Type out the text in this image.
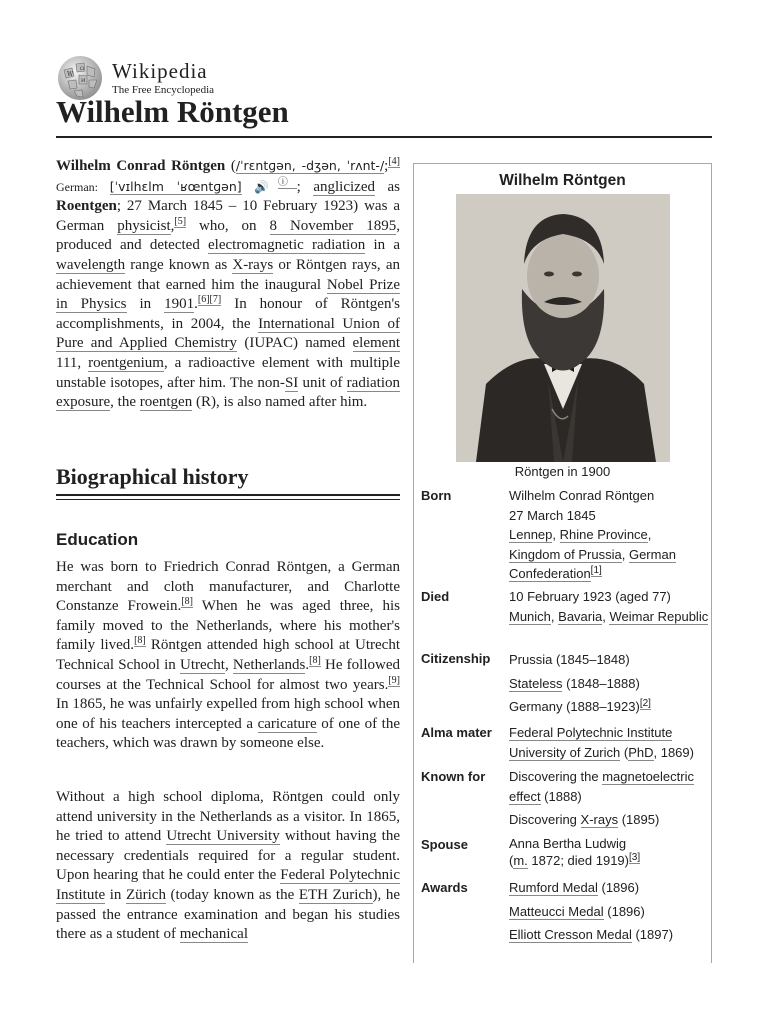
W
Ω
И Wikipedia
The Free Encyclopedia
Wilhelm Röntgen

Wilhelm Conrad Röntgen (/ˈrɛntɡən, -dʒən, ˈrʌnt-/;[4] German: [ˈvɪlhɛlm ˈʁœntɡən] 🔊ⓘ; anglicized as Roentgen; 27 March 1845 – 10 February 1923) was a German physicist,[5] who, on 8 November 1895, produced and detected electromagnetic radiation in a wavelength range known as X-rays or Röntgen rays, an achievement that earned him the inaugural Nobel Prize in Physics in 1901.[6][7] In honour of Röntgen's accomplishments, in 2004, the International Union of Pure and Applied Chemistry (IUPAC) named element 111, roentgenium, a radioactive element with multiple unstable isotopes, after him. The non-SI unit of radiation exposure, the roentgen (R), is also named after him.

Biographical history
Education

He was born to Friedrich Conrad Röntgen, a German merchant and cloth manufacturer, and Charlotte Constanze Frowein.[8] When he was aged three, his family moved to the Netherlands, where his mother's family lived.[8] Röntgen attended high school at Utrecht Technical School in Utrecht, Netherlands.[8] He followed courses at the Technical School for almost two years.[9] In 1865, he was unfairly expelled from high school when one of his teachers intercepted a caricature of one of the teachers, which was drawn by someone else.

Without a high school diploma, Röntgen could only attend university in the Netherlands as a visitor. In 1865, he tried to attend Utrecht University without having the necessary credentials required for a regular student. Upon hearing that he could enter the Federal Polytechnic Institute in Zürich (today known as the ETH Zurich), he passed the entrance examination and began his studies there as a student of mechanical

Wilhelm Röntgen
Röntgen in 1900
Born	Wilhelm Conrad Röntgen
27 March 1845
Lennep, Rhine Province,
Kingdom of Prussia, German Confederation[1]
Died	10 February 1923 (aged 77)
Munich, Bavaria, Weimar Republic
Citizenship	Prussia (1845–1848)
Stateless (1848–1888)
Germany (1888–1923)[2]
Alma mater	Federal Polytechnic Institute
University of Zurich (PhD, 1869)
Known for	Discovering the magnetoelectric effect (1888)
Discovering X-rays (1895)
Spouse	Anna Bertha Ludwig
(m. 1872; died 1919)[3]
Awards	Rumford Medal (1896)
Matteucci Medal (1896)
Elliott Cresson Medal (1897)
